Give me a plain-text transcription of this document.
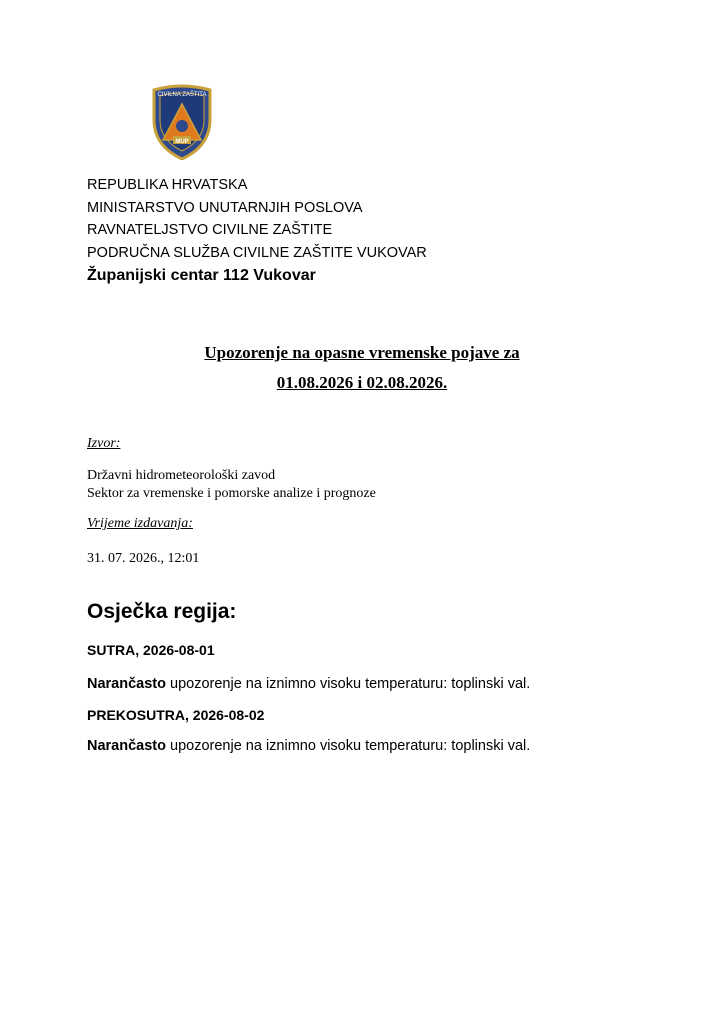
CIVILNA ZAŠTITA
MUP
REPUBLIKA HRVATSKA
MINISTARSTVO UNUTARNJIH POSLOVA
RAVNATELJSTVO CIVILNE ZAŠTITE
PODRUČNA SLUŽBA CIVILNE ZAŠTITE VUKOVAR
Županijski centar 112 Vukovar
Upozorenje na opasne vremenske pojave za
01.08.2026 i 02.08.2026.
Izvor:
Državni hidrometeorološki zavod
Sektor za vremenske i pomorske analize i prognoze
Vrijeme izdavanja:
31. 07. 2026., 12:01
Osječka regija:
SUTRA, 2026-08-01
Narančasto upozorenje na iznimno visoku temperaturu: toplinski val.
PREKOSUTRA, 2026-08-02
Narančasto upozorenje na iznimno visoku temperaturu: toplinski val.
